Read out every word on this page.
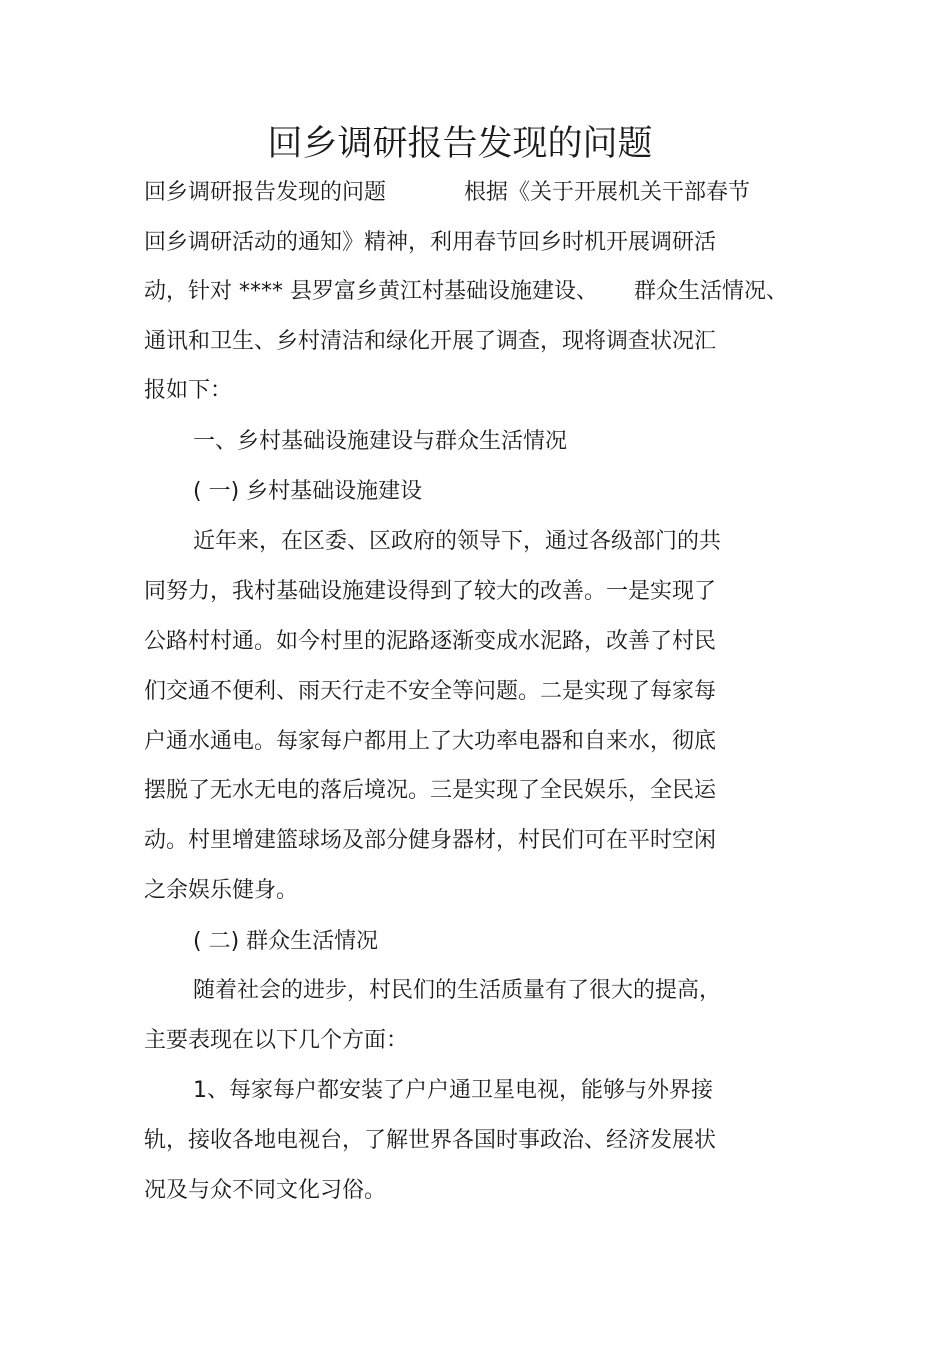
回乡调研报告发现的问题
回乡调研报告发现的问题	根据《关于开展机关干部春节
回乡调研活动的通知》精神，利用春节回乡时机开展调研活
动，针对 **** 县罗富乡黄江村基础设施建设、 群众生活情况、
通讯和卫生、乡村清洁和绿化开展了调查，现将调查状况汇
报如下：
一、乡村基础设施建设与群众生活情况
( 一) 乡村基础设施建设
近年来，在区委、区政府的领导下，通过各级部门的共
同努力，我村基础设施建设得到了较大的改善。一是实现了
公路村村通。如今村里的泥路逐渐变成水泥路，改善了村民
们交通不便利、雨天行走不安全等问题。二是实现了每家每
户通水通电。每家每户都用上了大功率电器和自来水，彻底
摆脱了无水无电的落后境况。三是实现了全民娱乐，全民运
动。村里增建篮球场及部分健身器材，村民们可在平时空闲
之余娱乐健身。
( 二) 群众生活情况
随着社会的进步，村民们的生活质量有了很大的提高，
主要表现在以下几个方面：
1、每家每户都安装了户户通卫星电视，能够与外界接
轨，接收各地电视台，了解世界各国时事政治、经济发展状
况及与众不同文化习俗。
